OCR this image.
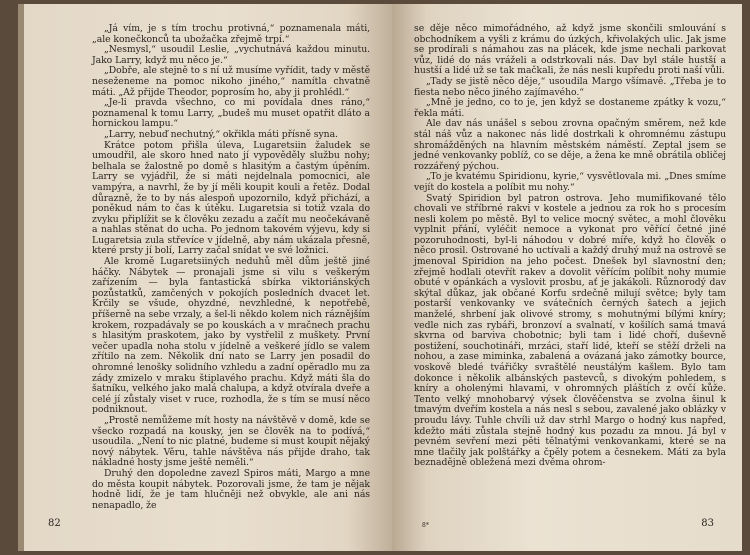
„Já vím, je s tím trochu protivná,“ poznamenala máti, „ale konečkonců ta ubožačka zřejmě trpí.“

„Nesmysl,“ usoudil Leslie, „vychutnává každou minutu. Jako Larry, když mu něco je.“

„Dobře, ale stejně to s ní už musíme vyřídit, tady v městě neseženeme na pomoc nikoho jiného,“ namítla chvatně máti. „Až přijde Theodor, poprosím ho, aby ji prohlédl.“

„Je-li pravda všechno, co mi povídala dnes ráno,“ poznamenal k tomu Larry, „budeš mu muset opatřit dláto a hornickou lampu.“

„Larry, nebuď nechutný,“ okřikla máti přísně syna.

Krátce potom přišla úleva, Lugaretsiin žaludek se umoudřil, ale skoro hned nato jí vypověděly službu nohy; belhala se žalostně po domě s hlasitým a častým úpěním. Larry se vyjádřil, že si máti nejdelnala pomocnici, ale vampýra, a navrhl, že by jí měli koupit kouli a řetěz. Dodal důrazně, že to by nás alespoň upozornilo, když přichází, a poněkud nám to čas k útěku. Lugaretsia si totiž vzala do zvyku připlížit se k člověku zezadu a začít mu neočekávaně a nahlas stěnat do ucha. Po jednom takovém výjevu, kdy si Lugaretsia zula střevíce v jídelně, aby nám ukázala přesně, které prsty jí bolí, Larry začal snídat ve své ložnici.

Ale kromě Lugaretsiiných neduhů měl dům ještě jiné háčky. Nábytek — pronajali jsme si vilu s veškerým zařízením — byla fantastická sbírka viktoriánských pozůstatků, zamčených v pokojích posledních dvacet let. Krčily se všude, ohyzdné, nevzhledné, k nepotřebě, příšerně na sebe vrzaly, a šel-li někdo kolem nich ráznějším krokem, rozpadávaly se po kouskách a v mračnech prachu s hlasitým praskotem, jako by vystřelil z muškety. První večer upadla noha stolu v jídelně a veškeré jídlo se valem zřítilo na zem. Několik dní nato se Larry jen posadil do ohromné lenošky solidního vzhledu a zadní opěradlo mu za zády zmizelo v mraku štiplavého prachu. Když máti šla do šatníku, velkého jako malá chalupa, a když otvírala dveře a celé jí zůstaly viset v ruce, rozhodla, že s tím se musí něco podniknout.

„Prostě nemůžeme mít hosty na návštěvě v domě, kde se všecko rozpadá na kousky, jen se člověk na to podívá,“ usoudila. „Není to nic platné, budeme si must koupit nějaký nový nábytek. Věru, tahle návštěva nás přijde draho, tak nákladné hosty jsme ještě neměli.“

Druhý den dopoledne zavezl Spiros máti, Margo a mne do města koupit nábytek. Pozorovali jsme, že tam je nějak hodně lidí, že je tam hlučněji než obvykle, ale ani nás nenapadlo, že

82

se děje něco mimořádného, až když jsme skončili smlouvání s obchodníkem a vyšli z krámu do úzkých, křivolakých ulic. Jak jsme se prodírali s námahou zas na plácek, kde jsme nechali parkovat vůz, lidé do nás vráželi a odstrkovali nás. Dav byl stále hustší a hustší a lidé už se tak mačkali, že nás nesli kupředu proti naší vůli.

„Tady se jistě něco děje,“ usoudila Margo všímavě. „Třeba je to fiesta nebo něco jiného zajímavého.“

„Mně je jedno, co to je, jen když se dostaneme zpátky k vozu,“ řekla máti.

Ale dav nás unášel s sebou zrovna opačným směrem, než kde stál náš vůz a nakonec nás lidé dostrkali k ohromnému zástupu shromážděných na hlavním městském náměstí. Zeptal jsem se jedné venkovanky poblíž, co se děje, a žena ke mně obrátila obličej rozzářený pýchou.

„To je kvatému Spiridionu, kyrie,“ vysvětlovala mi. „Dnes smíme vejít do kostela a políbit mu nohy.“

Svatý Spiridion byl patron ostrova. Jeho mumifikované tělo chovali ve stříbrné rakvi v kostele a jednou za rok ho s procesím nesli kolem po městě. Byl to velice mocný světec, a mohl člověku vyplnit přání, vyléčit nemoce a vykonat pro věřící četné jiné pozoruhodnosti, byl-li náhodou v dobré míře, když ho člověk o něco prosil. Ostrované ho uctívali a každý druhý muž na ostrově se jmenoval Spiridion na jeho počest. Dnešek byl slavnostní den; zřejmě hodlali otevřít rakev a dovolit věřícím políbit nohy mumie obuté v opánkách a vyslovit prosbu, ať je jakákoli. Různorodý dav skýtal důkaz, jak občané Korfu srdečně milují světce; byly tam postarší venkovanky ve svátečních černých šatech a jejich manželé, shrbení jak olivové stromy, s mohutnými bílými kníry; vedle nich zas rybáři, bronzoví a svalnatí, v košilích samá tmavá skvrna od barviva chobotnic; byli tam i lidé choří, duševně postižení, souchotináři, mrzáci, staří lidé, kteří se stěží drželi na nohou, a zase miminka, zabalená a ovázaná jako zámotky bource, voskově bledé tvářičky svraštělé neustálým kašlem. Bylo tam dokonce i několik albánských pastevců, s divokým pohledem, s kníry a oholenými hlavami, v ohromných pláštích z ovčí kůže. Tento velký mnohobarvý výsek člověčenstva se zvolna šinul k tmavým dveřím kostela a nás nesl s sebou, zavalené jako oblázky v proudu lávy. Tuhle chvíli už dav strhl Margo o hodný kus napřed, kdežto máti zůstala stejně hodný kus pozadu za mnou. Já byl v pevném sevření mezi pěti tělnatými venkovankami, které se na mne tlačily jak polštářky a čpěly potem a česnekem. Máti za byla beznadějně obležená mezi dvěma ohrom-

8*	83
